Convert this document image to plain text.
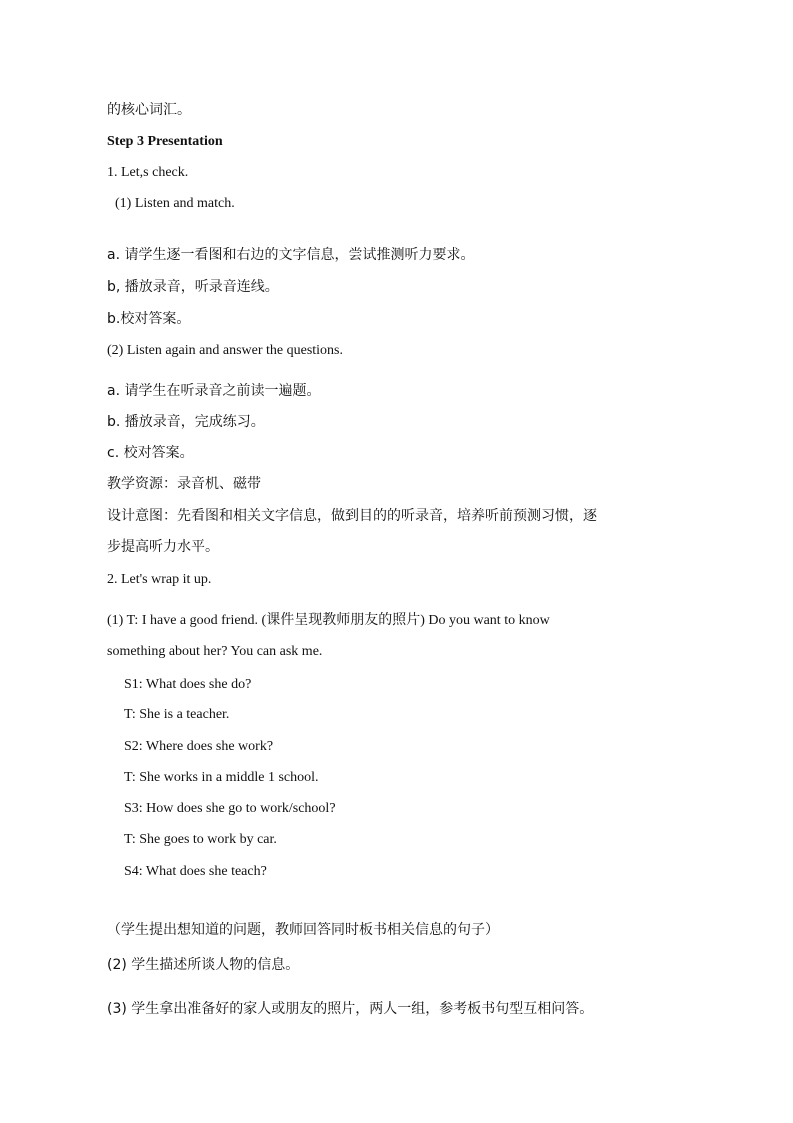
的核心词汇。
Step 3 Presentation
1. Let,s check.
(1) Listen and match.
a. 请学生逐一看图和右边的文字信息，尝试推测听力要求。
b, 播放录音，听录音连线。
b.校对答案。
(2) Listen again and answer the questions.
a. 请学生在听录音之前读一遍题。
b. 播放录音，完成练习。
c. 校对答案。
教学资源：录音机、磁带
设计意图：先看图和相关文字信息，做到目的的听录音，培养听前预测习惯，逐
步提高听力水平。
2. Let's wrap it up.
(1) T: I have a good friend. (课件呈现教师朋友的照片) Do you want to know
something about her? You can ask me.
S1: What does she do?
T: She is a teacher.
S2: Where does she work?
T: She works in a middle 1 school.
S3: How does she go to work/school?
T: She goes to work by car.
S4: What does she teach?
（学生提出想知道的问题，教师回答同时板书相关信息的句子）
(2) 学生描述所谈人物的信息。
(3) 学生拿出准备好的家人或朋友的照片，两人一组，参考板书句型互相问答。
